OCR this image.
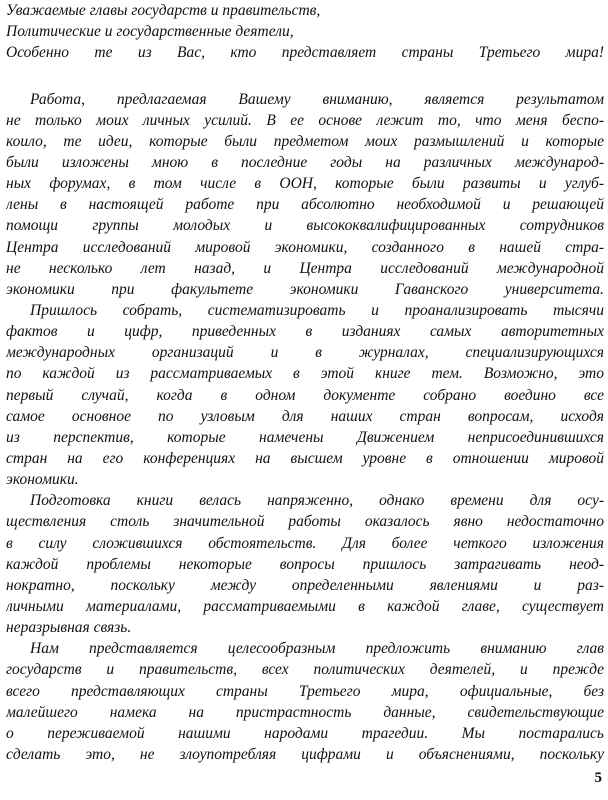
Уважаемые главы государств и правительств,
Политические и государственные деятели,
Особенно те из Вас, кто представляет страны Третьего мира!
Работа, предлагаемая Вашему вниманию, является результатом
не только моих личных усилий. В ее основе лежит то, что меня беспо-
коило, те идеи, которые были предметом моих размышлений и которые
были изложены мною в последние годы на различных международ-
ных форумах, в том числе в ООН, которые были развиты и углуб-
лены в настоящей работе при абсолютно необходимой и решающей
помощи группы молодых и высококвалифицированных сотрудников
Центра исследований мировой экономики, созданного в нашей стра-
не несколько лет назад, и Центра исследований международной
экономики при факультете экономики Гаванского университета.
Пришлось собрать, систематизировать и проанализировать тысячи
фактов и цифр, приведенных в изданиях самых авторитетных
международных организаций и в журналах, специализирующихся
по каждой из рассматриваемых в этой книге тем. Возможно, это
первый случай, когда в одном документе собрано воедино все
самое основное по узловым для наших стран вопросам, исходя
из перспектив, которые намечены Движением неприсоединившихся
стран на его конференциях на высшем уровне в отношении мировой
экономики.
Подготовка книги велась напряженно, однако времени для осу-
ществления столь значительной работы оказалось явно недостаточно
в силу сложившихся обстоятельств. Для более четкого изложения
каждой проблемы некоторые вопросы пришлось затрагивать неод-
нократно, поскольку между определенными явлениями и раз-
личными материалами, рассматриваемыми в каждой главе, существует
неразрывная связь.
Нам представляется целесообразным предложить вниманию глав
государств и правительств, всех политических деятелей, и прежде
всего представляющих страны Третьего мира, официальные, без
малейшего намека на пристрастность данные, свидетельствующие
о переживаемой нашими народами трагедии. Мы постарались
сделать это, не злоупотребляя цифрами и объяснениями, поскольку
5
